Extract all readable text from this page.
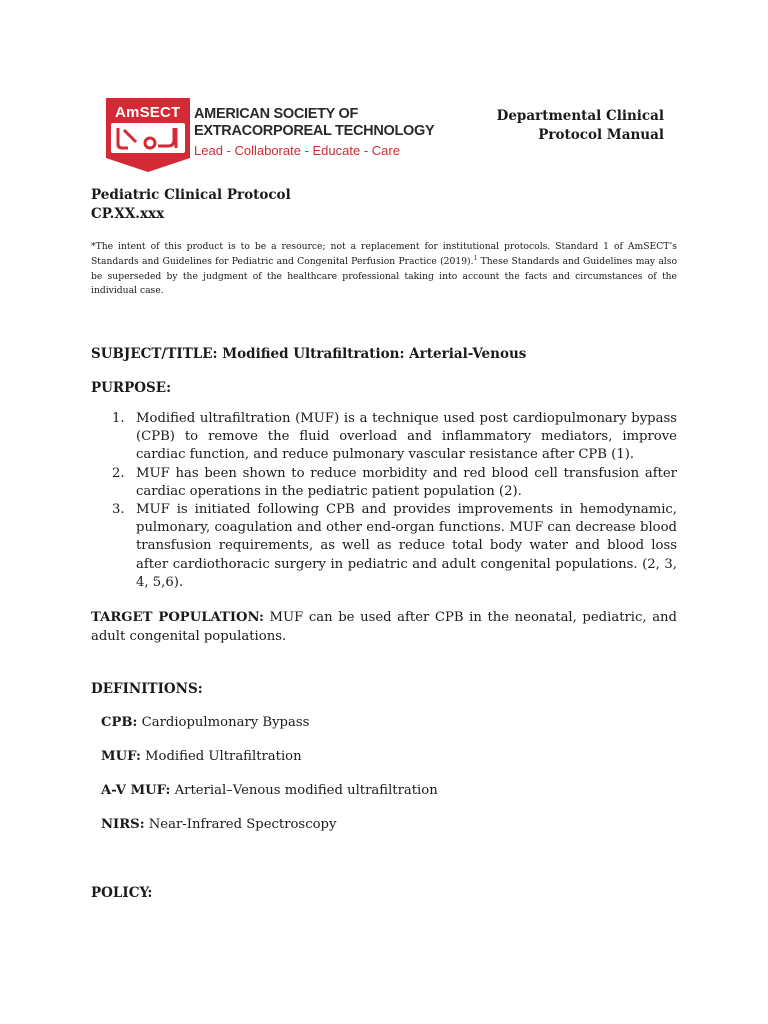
AmSECT AMERICAN SOCIETY OF
EXTRACORPOREAL TECHNOLOGY
Lead - Collaborate - Educate - Care
Departmental Clinical
Protocol Manual
Pediatric Clinical Protocol
CP.XX.xxx
*The intent of this product is to be a resource; not a replacement for institutional protocols. Standard 1 of AmSECT’s Standards and Guidelines for Pediatric and Congenital Perfusion Practice (2019).$^1$ These Standards and Guidelines may also be superseded by the judgment of the healthcare professional taking into account the facts and circumstances of the individual case.
SUBJECT/TITLE: Modified Ultrafiltration: Arterial-Venous
PURPOSE:
1. Modified ultrafiltration (MUF) is a technique used post cardiopulmonary bypass (CPB) to remove the fluid overload and inflammatory mediators, improve cardiac function, and reduce pulmonary vascular resistance after CPB (1).
2. MUF has been shown to reduce morbidity and red blood cell transfusion after cardiac operations in the pediatric patient population (2).
3. MUF is initiated following CPB and provides improvements in hemodynamic, pulmonary, coagulation and other end-organ functions. MUF can decrease blood transfusion requirements, as well as reduce total body water and blood loss after cardiothoracic surgery in pediatric and adult congenital populations. (2, 3, 4, 5,6).
TARGET POPULATION: MUF can be used after CPB in the neonatal, pediatric, and adult congenital populations.
DEFINITIONS:
CPB: Cardiopulmonary Bypass
MUF: Modified Ultrafiltration
A-V MUF: Arterial–Venous modified ultrafiltration
NIRS: Near-Infrared Spectroscopy
POLICY:
